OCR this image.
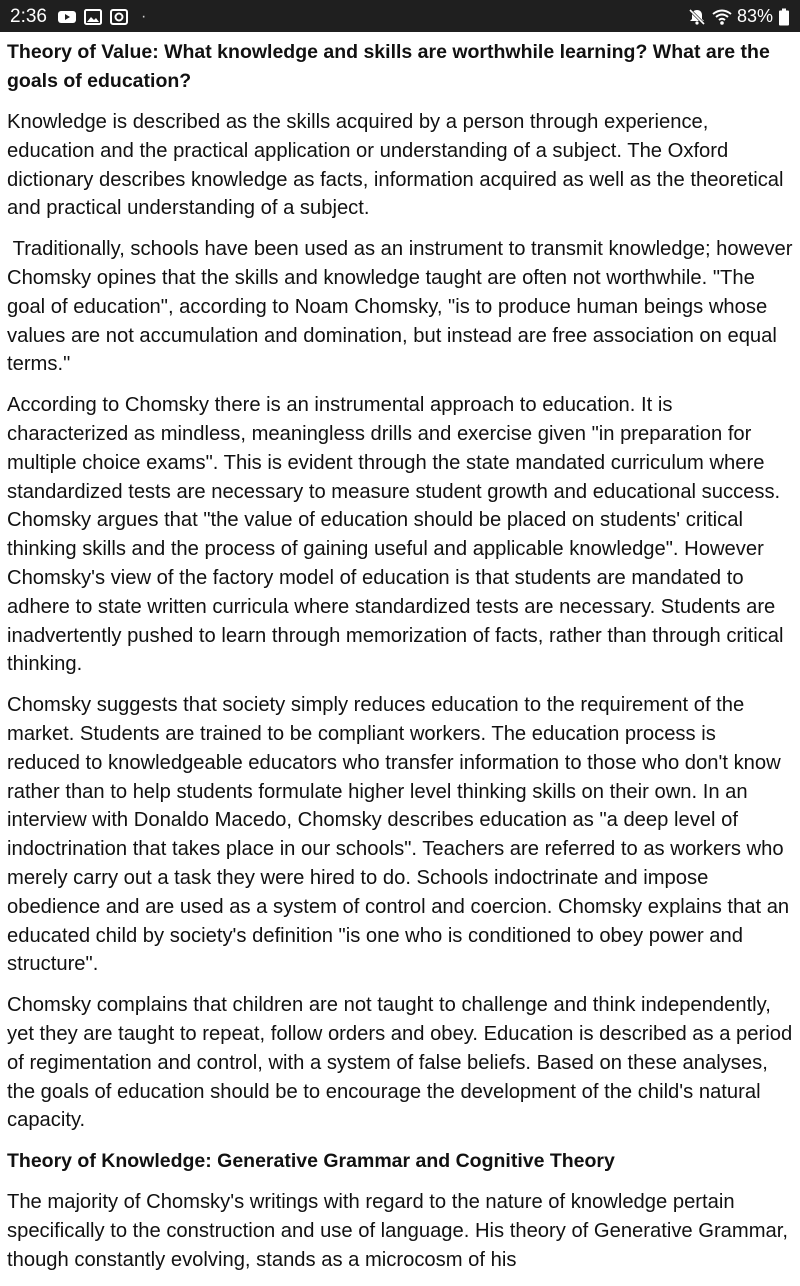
2:36	·	83%
Theory of Value: What knowledge and skills are worthwhile learning? What are the goals of education?

Knowledge is described as the skills acquired by a person through experience, education and the practical application or understanding of a subject. The Oxford dictionary describes knowledge as facts, information acquired as well as the theoretical and practical understanding of a subject.

Traditionally, schools have been used as an instrument to transmit knowledge; however Chomsky opines that the skills and knowledge taught are often not worthwhile. "The goal of education", according to Noam Chomsky, "is to produce human beings whose values are not accumulation and domination, but instead are free association on equal terms."

According to Chomsky there is an instrumental approach to education. It is characterized as mindless, meaningless drills and exercise given "in preparation for multiple choice exams". This is evident through the state mandated curriculum where standardized tests are necessary to measure student growth and educational success. Chomsky argues that "the value of education should be placed on students' critical thinking skills and the process of gaining useful and applicable knowledge". However Chomsky's view of the factory model of education is that students are mandated to adhere to state written curricula where standardized tests are necessary. Students are inadvertently pushed to learn through memorization of facts, rather than through critical thinking.

Chomsky suggests that society simply reduces education to the requirement of the market. Students are trained to be compliant workers. The education process is reduced to knowledgeable educators who transfer information to those who don't know rather than to help students formulate higher level thinking skills on their own. In an interview with Donaldo Macedo, Chomsky describes education as "a deep level of indoctrination that takes place in our schools". Teachers are referred to as workers who merely carry out a task they were hired to do. Schools indoctrinate and impose obedience and are used as a system of control and coercion. Chomsky explains that an educated child by society's definition "is one who is conditioned to obey power and structure".

Chomsky complains that children are not taught to challenge and think independently, yet they are taught to repeat, follow orders and obey. Education is described as a period of regimentation and control, with a system of false beliefs. Based on these analyses, the goals of education should be to encourage the development of the child's natural capacity.

Theory of Knowledge: Generative Grammar and Cognitive Theory

The majority of Chomsky's writings with regard to the nature of knowledge pertain specifically to the construction and use of language. His theory of Generative Grammar, though constantly evolving, stands as a microcosm of his
